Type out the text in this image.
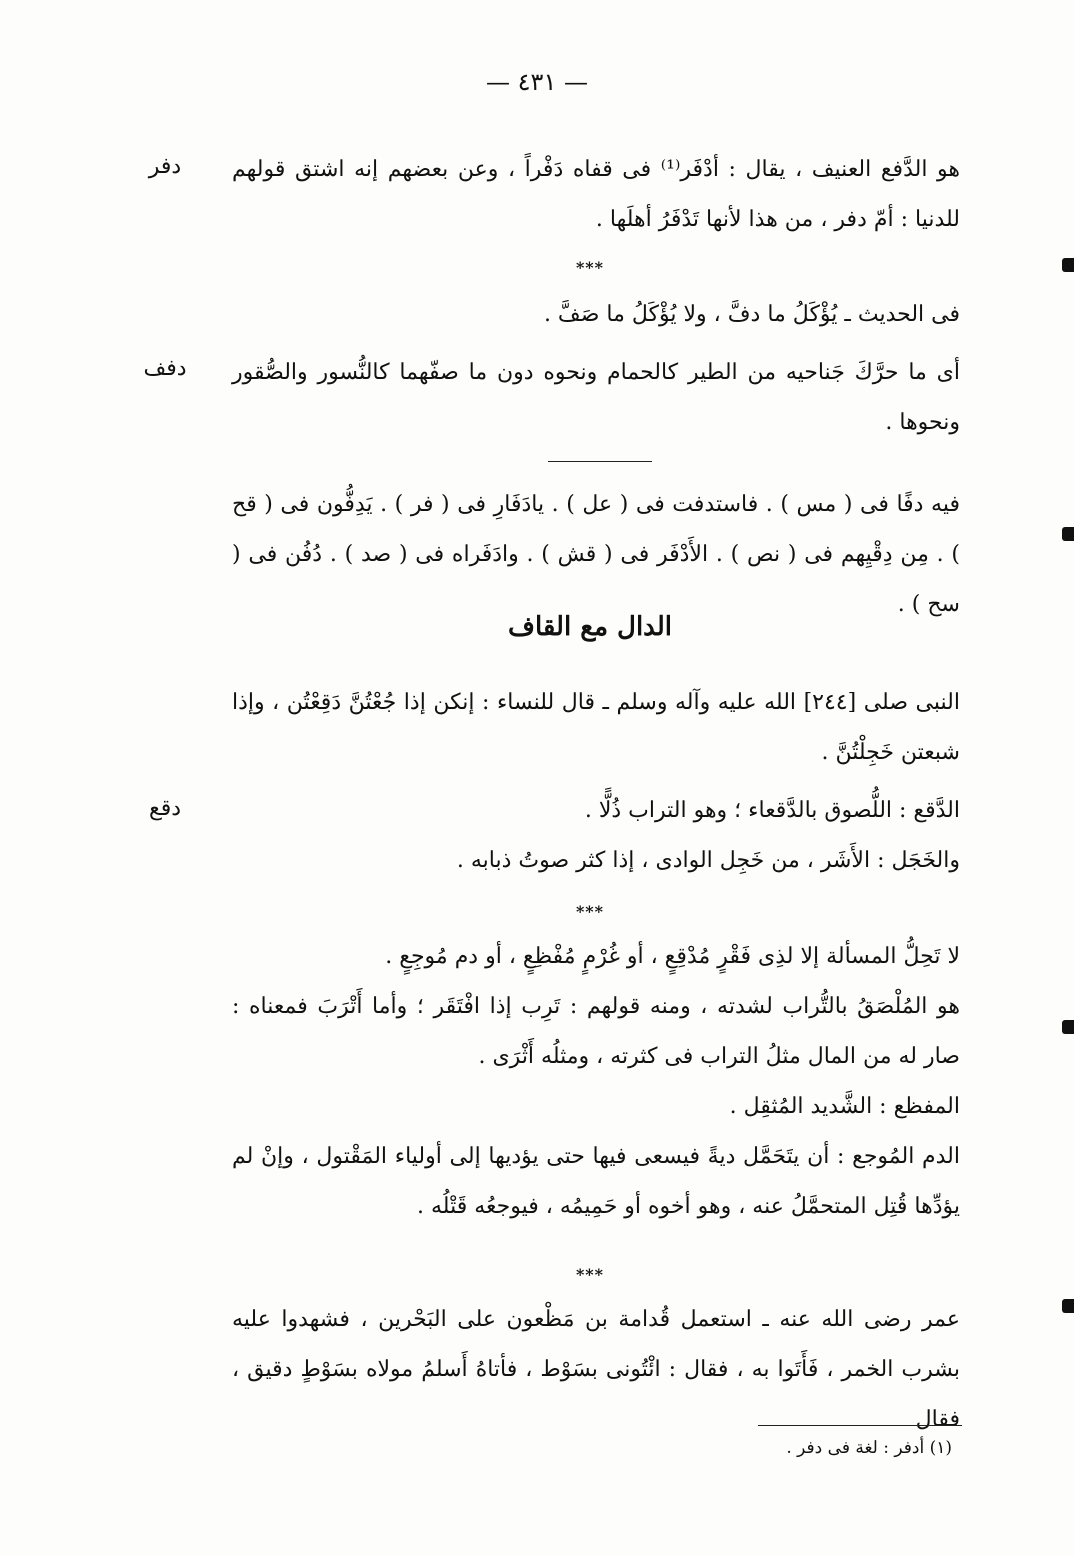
— ٤٣١ —
دفر	هو الدَّفع العنيف ، يقال : أدْفَر⁽¹⁾ فى قفاه دَفْراً ، وعن بعضهم إنه اشتق قولهم للدنيا : أمّ دفر ، من هذا لأنها تَدْفَرُ أهلَها .

***

فى الحديث ـ يُؤْكَلُ ما دفَّ ، ولا يُؤْكَلُ ما صَفَّ .

دفف	أى ما حرَّكَ جَناحيه من الطير كالحمام ونحوه دون ما صفّهما كالنُّسور والصُّقور ونحوها .

فيه دفًا فى ( مس ) . فاستدفت فى ( عل ) . يادَفَارِ فى ( فر ) . يَدِفُّون فى ( قح ) . مِن دِقْيِهم فى ( نص ) . الأَدْفَر فى ( قش ) . وادَفَراه فى ( صد ) . دُفُن فى ( سح ) .

الدال مع القاف

النبى صلى [٢٤٤] الله عليه وآله وسلم ـ قال للنساء : إنكن إذا جُعْتُنَّ دَقِعْتُن ، وإذا شبعتن خَجِلْتُنَّ .

دقع	الدَّقع : اللُّصوق بالدَّقعاء ؛ وهو التراب ذُلًّا .

والخَجَل : الأَشَر ، من خَجِل الوادى ، إذا كثر صوتُ ذبابه .

***

لا تَحِلُّ المسألة إلا لذِى فَقْرٍ مُدْقِعٍ ، أو غُرْمٍ مُفْظِعٍ ، أو دم مُوجِعٍ .

هو المُلْصَقُ بالتُّراب لشدته ، ومنه قولهم : تَرِب إذا افْتَقَر ؛ وأما أَتْرَبَ فمعناه : صار له من المال مثلُ التراب فى كثرته ، ومثلُه أَثْرَى .

المفظع : الشَّديد المُثقِل .

الدم المُوجع : أن يتَحَمَّل ديةً فيسعى فيها حتى يؤديها إلى أولياء المَقْتول ، وإنْ لم يؤدِّها قُتِل المتحمَّلُ عنه ، وهو أخوه أو حَمِيمُه ، فيوجعُه قَتْلُه .

***

عمر رضى الله عنه ـ استعمل قُدامة بن مَظْعون على البَحْرين ، فشهدوا عليه بشرب الخمر ، فَأَتَوا به ، فقال : ائْتُونى بسَوْط ، فأتاهُ أَسلمُ مولاه بسَوْطٍ دقيق ، فقال

(١) أدفر : لغة فى دفر .
